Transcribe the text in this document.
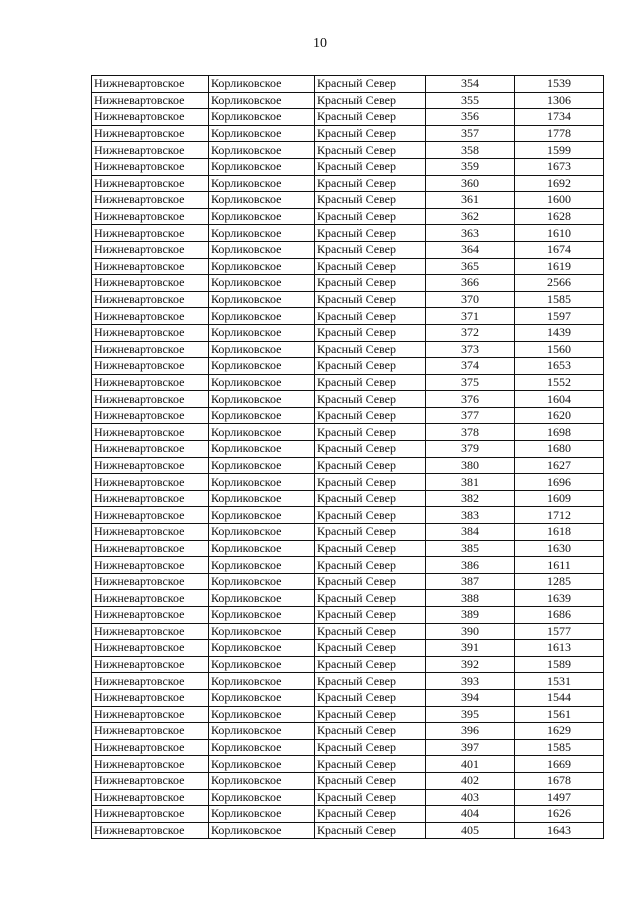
10
Нижневартовское	Корликовское	Красный Север	354	1539
Нижневартовское	Корликовское	Красный Север	355	1306
Нижневартовское	Корликовское	Красный Север	356	1734
Нижневартовское	Корликовское	Красный Север	357	1778
Нижневартовское	Корликовское	Красный Север	358	1599
Нижневартовское	Корликовское	Красный Север	359	1673
Нижневартовское	Корликовское	Красный Север	360	1692
Нижневартовское	Корликовское	Красный Север	361	1600
Нижневартовское	Корликовское	Красный Север	362	1628
Нижневартовское	Корликовское	Красный Север	363	1610
Нижневартовское	Корликовское	Красный Север	364	1674
Нижневартовское	Корликовское	Красный Север	365	1619
Нижневартовское	Корликовское	Красный Север	366	2566
Нижневартовское	Корликовское	Красный Север	370	1585
Нижневартовское	Корликовское	Красный Север	371	1597
Нижневартовское	Корликовское	Красный Север	372	1439
Нижневартовское	Корликовское	Красный Север	373	1560
Нижневартовское	Корликовское	Красный Север	374	1653
Нижневартовское	Корликовское	Красный Север	375	1552
Нижневартовское	Корликовское	Красный Север	376	1604
Нижневартовское	Корликовское	Красный Север	377	1620
Нижневартовское	Корликовское	Красный Север	378	1698
Нижневартовское	Корликовское	Красный Север	379	1680
Нижневартовское	Корликовское	Красный Север	380	1627
Нижневартовское	Корликовское	Красный Север	381	1696
Нижневартовское	Корликовское	Красный Север	382	1609
Нижневартовское	Корликовское	Красный Север	383	1712
Нижневартовское	Корликовское	Красный Север	384	1618
Нижневартовское	Корликовское	Красный Север	385	1630
Нижневартовское	Корликовское	Красный Север	386	1611
Нижневартовское	Корликовское	Красный Север	387	1285
Нижневартовское	Корликовское	Красный Север	388	1639
Нижневартовское	Корликовское	Красный Север	389	1686
Нижневартовское	Корликовское	Красный Север	390	1577
Нижневартовское	Корликовское	Красный Север	391	1613
Нижневартовское	Корликовское	Красный Север	392	1589
Нижневартовское	Корликовское	Красный Север	393	1531
Нижневартовское	Корликовское	Красный Север	394	1544
Нижневартовское	Корликовское	Красный Север	395	1561
Нижневартовское	Корликовское	Красный Север	396	1629
Нижневартовское	Корликовское	Красный Север	397	1585
Нижневартовское	Корликовское	Красный Север	401	1669
Нижневартовское	Корликовское	Красный Север	402	1678
Нижневартовское	Корликовское	Красный Север	403	1497
Нижневартовское	Корликовское	Красный Север	404	1626
Нижневартовское	Корликовское	Красный Север	405	1643
